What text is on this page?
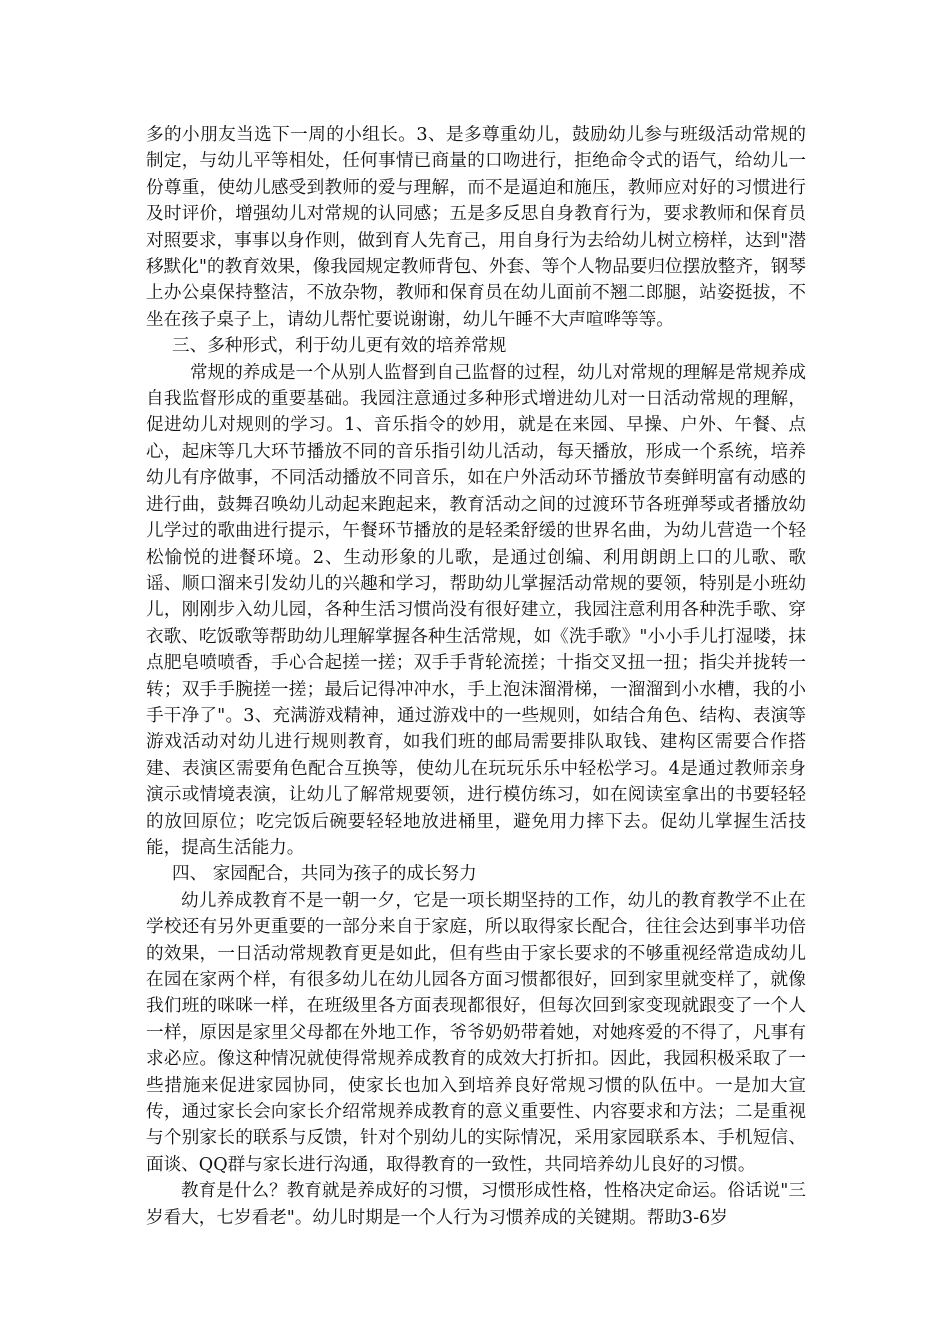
多的小朋友当选下一周的小组长。3、是多尊重幼儿，鼓励幼儿参与班级活动常规的制定，与幼儿平等相处，任何事情已商量的口吻进行，拒绝命令式的语气，给幼儿一份尊重，使幼儿感受到教师的爱与理解，而不是逼迫和施压，教师应对好的习惯进行及时评价，增强幼儿对常规的认同感；五是多反思自身教育行为，要求教师和保育员对照要求，事事以身作则，做到育人先育己，用自身行为去给幼儿树立榜样，达到"潜移默化"的教育效果，像我园规定教师背包、外套、等个人物品要归位摆放整齐，钢琴上办公桌保持整洁，不放杂物，教师和保育员在幼儿面前不翘二郎腿，站姿挺拔，不坐在孩子桌子上，请幼儿帮忙要说谢谢，幼儿午睡不大声喧哗等等。

三、多种形式，利于幼儿更有效的培养常规

常规的养成是一个从别人监督到自己监督的过程，幼儿对常规的理解是常规养成自我监督形成的重要基础。我园注意通过多种形式增进幼儿对一日活动常规的理解，促进幼儿对规则的学习。1、音乐指令的妙用，就是在来园、早操、户外、午餐、点心，起床等几大环节播放不同的音乐指引幼儿活动，每天播放，形成一个系统，培养幼儿有序做事，不同活动播放不同音乐，如在户外活动环节播放节奏鲜明富有动感的进行曲，鼓舞召唤幼儿动起来跑起来，教育活动之间的过渡环节各班弹琴或者播放幼儿学过的歌曲进行提示，午餐环节播放的是轻柔舒缓的世界名曲，为幼儿营造一个轻松愉悦的进餐环境。2、生动形象的儿歌，是通过创编、利用朗朗上口的儿歌、歌谣、顺口溜来引发幼儿的兴趣和学习，帮助幼儿掌握活动常规的要领，特别是小班幼儿，刚刚步入幼儿园，各种生活习惯尚没有很好建立，我园注意利用各种洗手歌、穿衣歌、吃饭歌等帮助幼儿理解掌握各种生活常规，如《洗手歌》"小小手儿打湿喽，抹点肥皂喷喷香，手心合起搓一搓；双手手背轮流搓；十指交叉扭一扭；指尖并拢转一转；双手手腕搓一搓；最后记得冲冲水，手上泡沫溜滑梯，一溜溜到小水槽，我的小手干净了"。3、充满游戏精神，通过游戏中的一些规则，如结合角色、结构、表演等游戏活动对幼儿进行规则教育，如我们班的邮局需要排队取钱、建构区需要合作搭建、表演区需要角色配合互换等，使幼儿在玩玩乐乐中轻松学习。4是通过教师亲身演示或情境表演，让幼儿了解常规要领，进行模仿练习，如在阅读室拿出的书要轻轻的放回原位；吃完饭后碗要轻轻地放进桶里，避免用力摔下去。促幼儿掌握生活技能，提高生活能力。

四、 家园配合，共同为孩子的成长努力

幼儿养成教育不是一朝一夕，它是一项长期坚持的工作，幼儿的教育教学不止在学校还有另外更重要的一部分来自于家庭，所以取得家长配合，往往会达到事半功倍的效果，一日活动常规教育更是如此，但有些由于家长要求的不够重视经常造成幼儿在园在家两个样，有很多幼儿在幼儿园各方面习惯都很好，回到家里就变样了，就像我们班的咪咪一样，在班级里各方面表现都很好，但每次回到家变现就跟变了一个人一样，原因是家里父母都在外地工作，爷爷奶奶带着她，对她疼爱的不得了，凡事有求必应。像这种情况就使得常规养成教育的成效大打折扣。因此，我园积极采取了一些措施来促进家园协同，使家长也加入到培养良好常规习惯的队伍中。一是加大宣传，通过家长会向家长介绍常规养成教育的意义重要性、内容要求和方法；二是重视与个别家长的联系与反馈，针对个别幼儿的实际情况，采用家园联系本、手机短信、面谈、QQ群与家长进行沟通，取得教育的一致性，共同培养幼儿良好的习惯。

教育是什么？教育就是养成好的习惯，习惯形成性格，性格决定命运。俗话说"三岁看大，七岁看老"。幼儿时期是一个人行为习惯养成的关键期。帮助3-6岁
